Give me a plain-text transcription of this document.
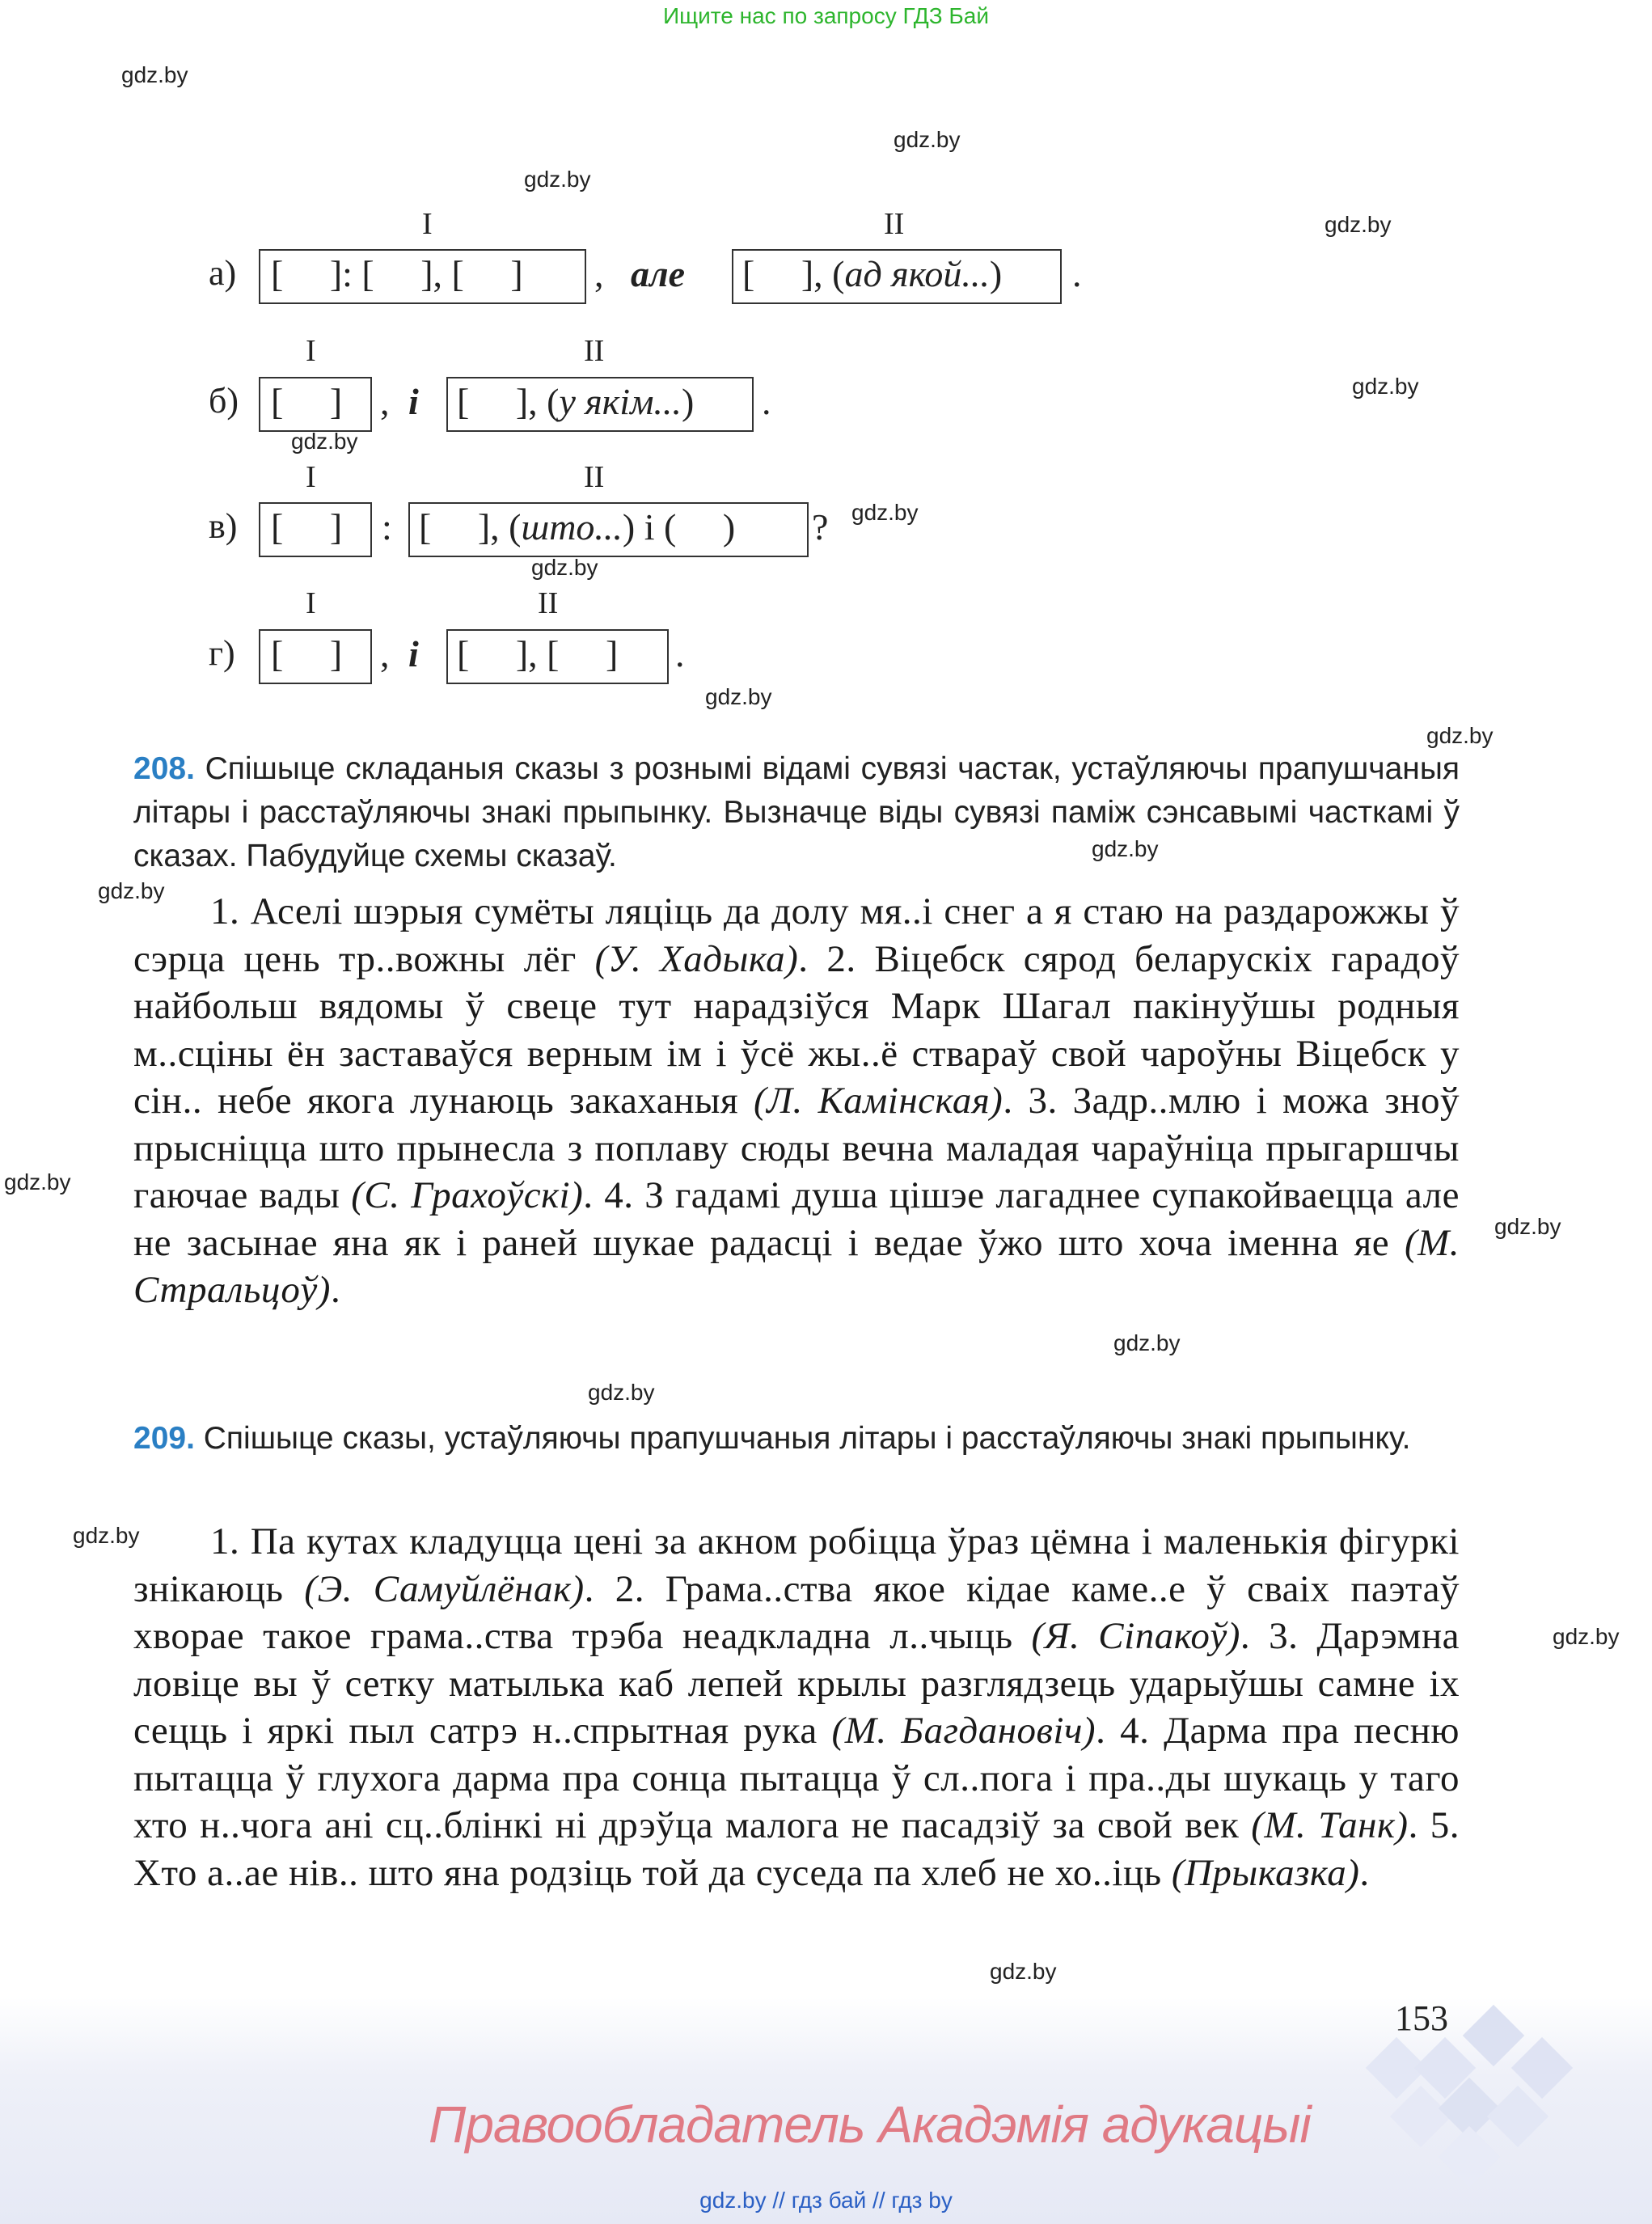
Ищите нас по запросу ГДЗ Бай
gdz.by
gdz.by
gdz.by
gdz.by
gdz.by
gdz.by
gdz.by
gdz.by
gdz.by
gdz.by
gdz.by
gdz.by
gdz.by
gdz.by
gdz.by
gdz.by
gdz.by
gdz.by
gdz.by
I	II
а) [     ]: [     ], [     ] , але [     ], (ад якой...) .
I	II
б) [     ] , і [     ], (у якім...) .
I	II
в) [     ] : [     ], (што...) і (     ) ?
I	II
г) [     ] , і [     ], [     ] .
208. Спішыце складаныя сказы з рознымі відамі сувязі частак, устаўляючы прапушчаныя літары і расстаўляючы знакі прыпынку. Вызначце віды сувязі паміж сэнсавымі часткамі ў сказах. Пабудуйце схемы сказаў.

1. Аселі шэрыя сумёты ляціць да долу мя..і снег а я стаю на раздарожжы ў сэрца цень тр..вожны лёг (У. Хадыка). 2. Віцебск сярод беларускіх гарадоў найбольш вядомы ў свеце тут нарадзіўся Марк Шагал пакінуўшы родныя м..сціны ён заставаўся верным ім і ўсё жы..ё ствараў свой чароўны Віцебск у сін.. небе якога лунаюць закаханыя (Л. Камінская). 3. Задр..млю і можа зноў прысніцца што прынесла з поплаву сюды вечна маладая чараўніца прыгаршчы гаючае вады (С. Грахоўскі). 4. З гадамі душа цішэе лагаднее супакойваецца але не засынае яна як і раней шукае радасці і ведае ўжо што хоча іменна яе (М. Стральцоў).

209. Спішыце сказы, устаўляючы прапушчаныя літары і расстаўляючы знакі прыпынку.

1. Па кутах кладуцца цені за акном робіцца ўраз цёмна і маленькія фігуркі знікаюць (Э. Самуйлёнак). 2. Грама..ства якое кідае каме..е ў сваіх паэтаў хворае такое грама..ства трэба неадкладна л..чыць (Я. Сіпакоў). 3. Дарэмна ловіце вы ў сетку матылька каб лепей крылы разглядзець ударыўшы самне іх сецць і яркі пыл сатрэ н..спрытная рука (М. Багдановіч). 4. Дарма пра песню пытацца ў глухога дарма пра сонца пытацца ў сл..пога і пра..ды шукаць у таго хто н..чога ані сц..блінкі ні дрэўца малога не пасадзіў за свой век (М. Танк). 5. Хто а..ае нів.. што яна родзіць той да суседа па хлеб не хо..іць (Прыказка).

153
Правообладатель Акадэмія адукацыі
gdz.by // гдз бай // гдз by
